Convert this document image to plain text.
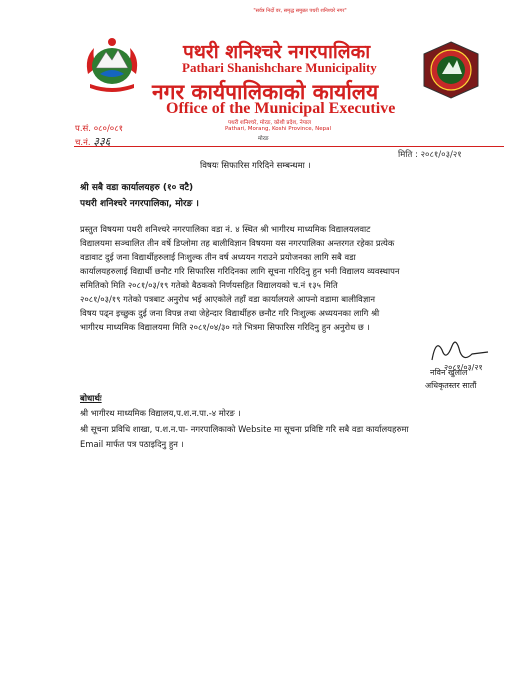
"सर्वत्र निर्दो वर, समृद्ध समुन्नत पथरी शनिश्चरे नगर"
पथरी शनिश्चरे नगरपालिका
Pathari Shanishchare Municipality
नगर कार्यपालिकाको कार्यालय
Office of the Municipal Executive
पथरी शनिश्चरे, मोरङ, कोशी प्रदेश, नेपाल
Pathari, Morang, Koshi Province, Nepal
प.सं. ०८०/०८१
च.नं. ३३६	मोरङ
मिति : २०८१/०३/२१
विषयः सिफारिस गरिदिने सम्बन्धमा ।
श्री सबै वडा कार्यालयहरु (१० वटै)
पथरी शनिश्चरे नगरपालिका, मोरङ ।
प्रस्तुत विषयमा पथरी शनिश्चरे नगरपालिका वडा नं. ४ स्थित श्री भागीरथ माध्यमिक विद्यालयलवाट
विद्यालयमा सञ्चालित तीन वर्षे डिप्लोमा तह बालीविज्ञान विषयमा यस नगरपालिका अन्तरगत रहेका प्रत्येक
वडावाट दुई जना विद्यार्थीहरुलाई निःशुल्क तीन वर्ष अध्ययन गराउने प्रयोजनका लागि सबै वडा
कार्यालयहरुलाई विद्यार्थी छनौट गरि सिफारिस गरिदिनका लागि सूचना गरिदिनु हुन भनी विद्यालय व्यवस्थापन
समितिको मिति २०८१/०३/१९ गतेको बैठकको निर्णयसहित विद्यालयको च.नं १३५ मिति
२०८१/०३/१९ गतेको पत्रबाट अनुरोध भई आएकोले तहाँ वडा कार्यालयले आफ्नो वडामा बालीविज्ञान
विषय पढ्न इच्छुक दुई जना विपन्न तथा जेहेन्दार विद्यार्थीहरु छनौट गरि निःशुल्क अध्ययनका लागि श्री
भागीरथ माध्यमिक विद्यालयमा मिति २०८१/०४/३० गते भित्रमा सिफारिस गरिदिनु हुन अनुरोध छ ।
२०८१/०३/२१
नविन खुलाल
अधिकृतस्तर सातौं
बोधार्थः
श्री भागीरथ माध्यमिक विद्यालय,प.श.न.पा.-४ मोरङ ।
श्री सूचना प्रविधि शाखा, प.श.न.पा- नगरपालिकाको Website मा सूचना प्रविष्टि गरि सबै वडा कार्यालयहरुमा
Email मार्फत पत्र पठाइदिनु हुन ।
